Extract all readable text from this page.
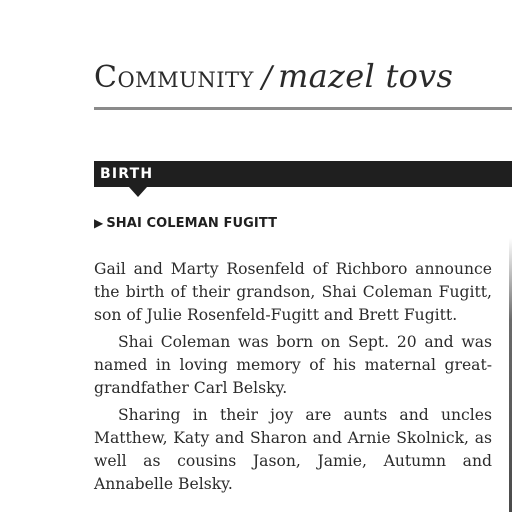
Community / mazel tovs
BIRTH
▶ SHAI COLEMAN FUGITT

Gail and Marty Rosenfeld of Richboro announce the birth of their grandson, Shai Coleman Fugitt, son of Julie Rosenfeld-Fugitt and Brett Fugitt.

Shai Coleman was born on Sept. 20 and was named in loving memory of his maternal great-grandfather Carl Belsky.

Sharing in their joy are aunts and uncles Matthew, Katy and Sharon and Arnie Skolnick, as well as cousins Jason, Jamie, Autumn and Annabelle Belsky.
